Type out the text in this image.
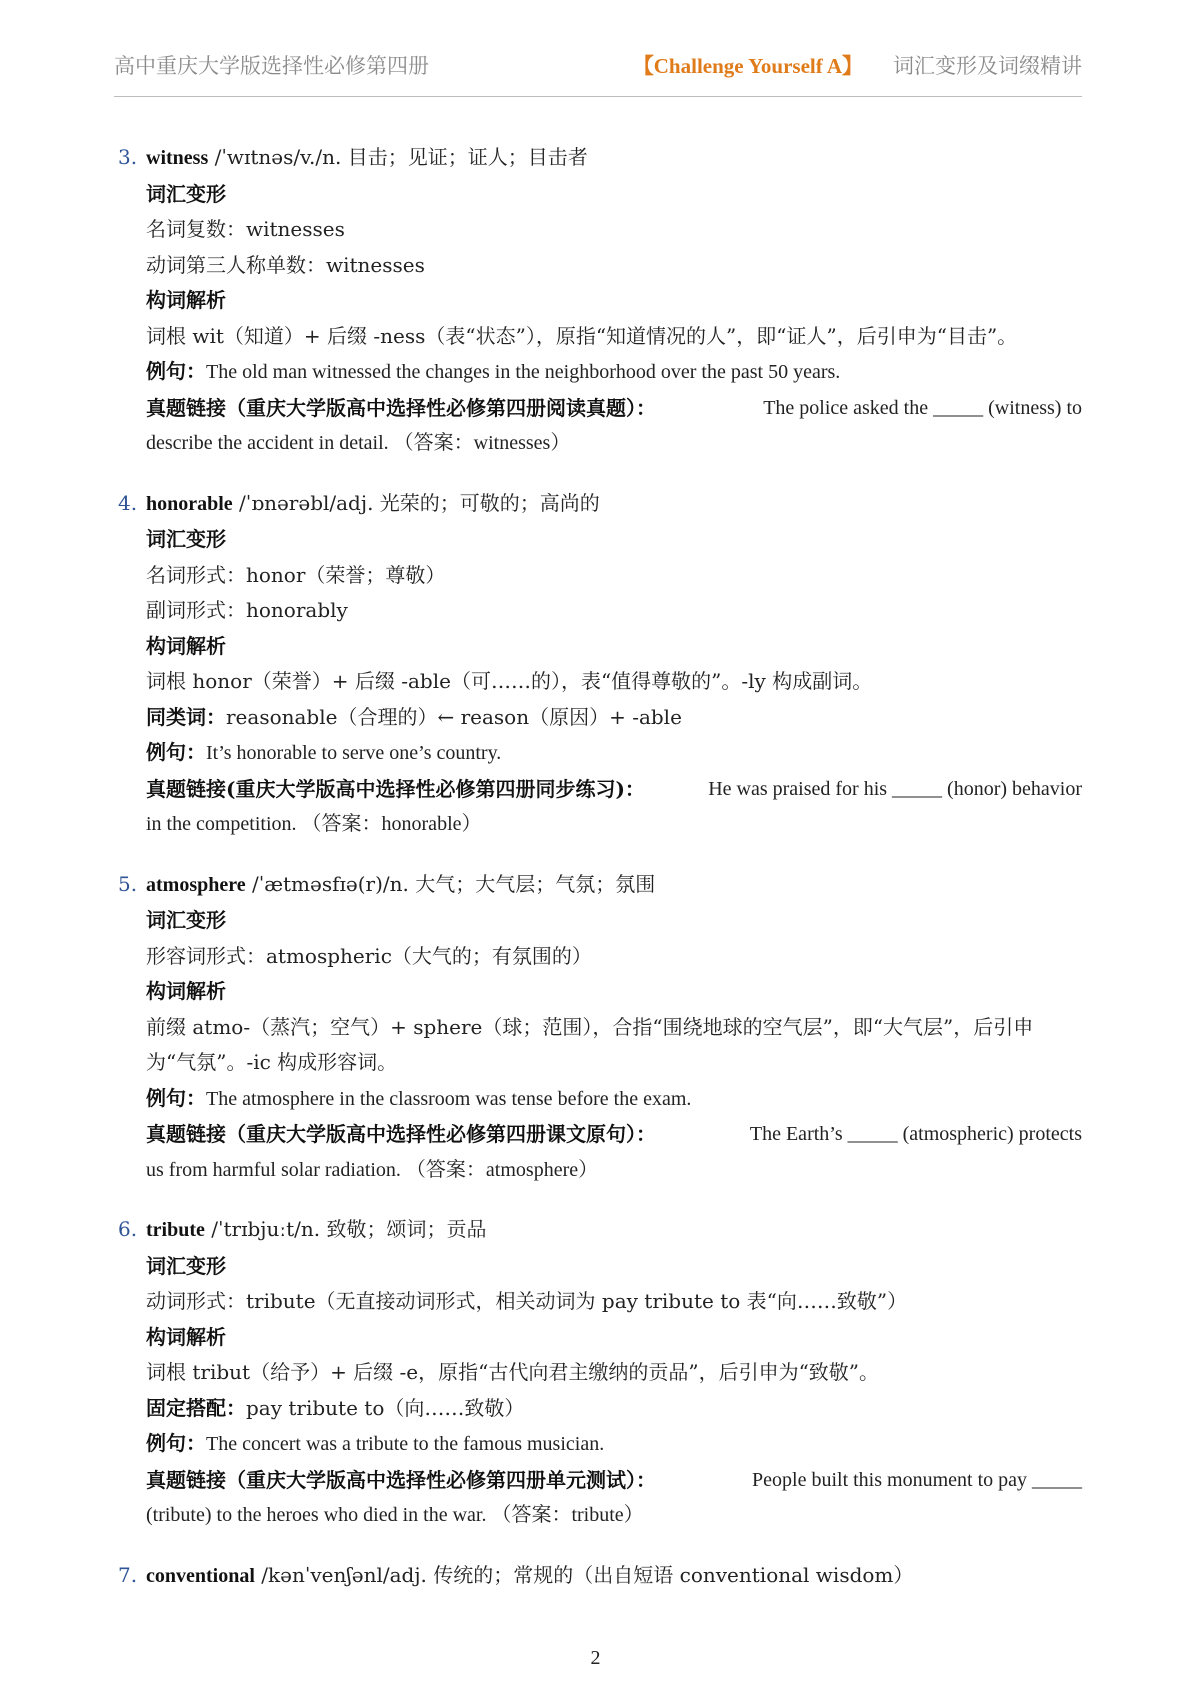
高中重庆大学版选择性必修第四册	【Challenge Yourself A】 词汇变形及词缀精讲
3. witness /ˈwɪtnəs/v./n. 目击；见证；证人；目击者
词汇变形
名词复数：witnesses
动词第三人称单数：witnesses
构词解析
词根 wit（知道）+ 后缀 -ness（表“状态”），原指“知道情况的人”，即“证人”，后引申为“目击”。
例句：The old man witnessed the changes in the neighborhood over the past 50 years.
真题链接（重庆大学版高中选择性必修第四册阅读真题）：	The police asked the _____ (witness) to
describe the accident in detail. （答案：witnesses）
4. honorable /ˈɒnərəbl/adj. 光荣的；可敬的；高尚的
词汇变形
名词形式：honor（荣誉；尊敬）
副词形式：honorably
构词解析
词根 honor（荣誉）+ 后缀 -able（可……的），表“值得尊敬的”。-ly 构成副词。
同类词：reasonable（合理的）← reason（原因）+ -able
例句：It’s honorable to serve one’s country.
真题链接(重庆大学版高中选择性必修第四册同步练习)：	He was praised for his _____ (honor) behavior
in the competition. （答案：honorable）
5. atmosphere /ˈætməsfɪə(r)/n. 大气；大气层；气氛；氛围
词汇变形
形容词形式：atmospheric（大气的；有氛围的）
构词解析
前缀 atmo-（蒸汽；空气）+ sphere（球；范围），合指“围绕地球的空气层”，即“大气层”，后引申
为“气氛”。-ic 构成形容词。
例句：The atmosphere in the classroom was tense before the exam.
真题链接（重庆大学版高中选择性必修第四册课文原句）：	The Earth’s _____ (atmospheric) protects
us from harmful solar radiation. （答案：atmosphere）
6. tribute /ˈtrɪbjuːt/n. 致敬；颂词；贡品
词汇变形
动词形式：tribute（无直接动词形式，相关动词为 pay tribute to 表“向……致敬”）
构词解析
词根 tribut（给予）+ 后缀 -e，原指“古代向君主缴纳的贡品”，后引申为“致敬”。
固定搭配：pay tribute to（向……致敬）
例句：The concert was a tribute to the famous musician.
真题链接（重庆大学版高中选择性必修第四册单元测试）：	People built this monument to pay _____
(tribute) to the heroes who died in the war. （答案：tribute）
7. conventional /kənˈvenʃənl/adj. 传统的；常规的（出自短语 conventional wisdom）
2
